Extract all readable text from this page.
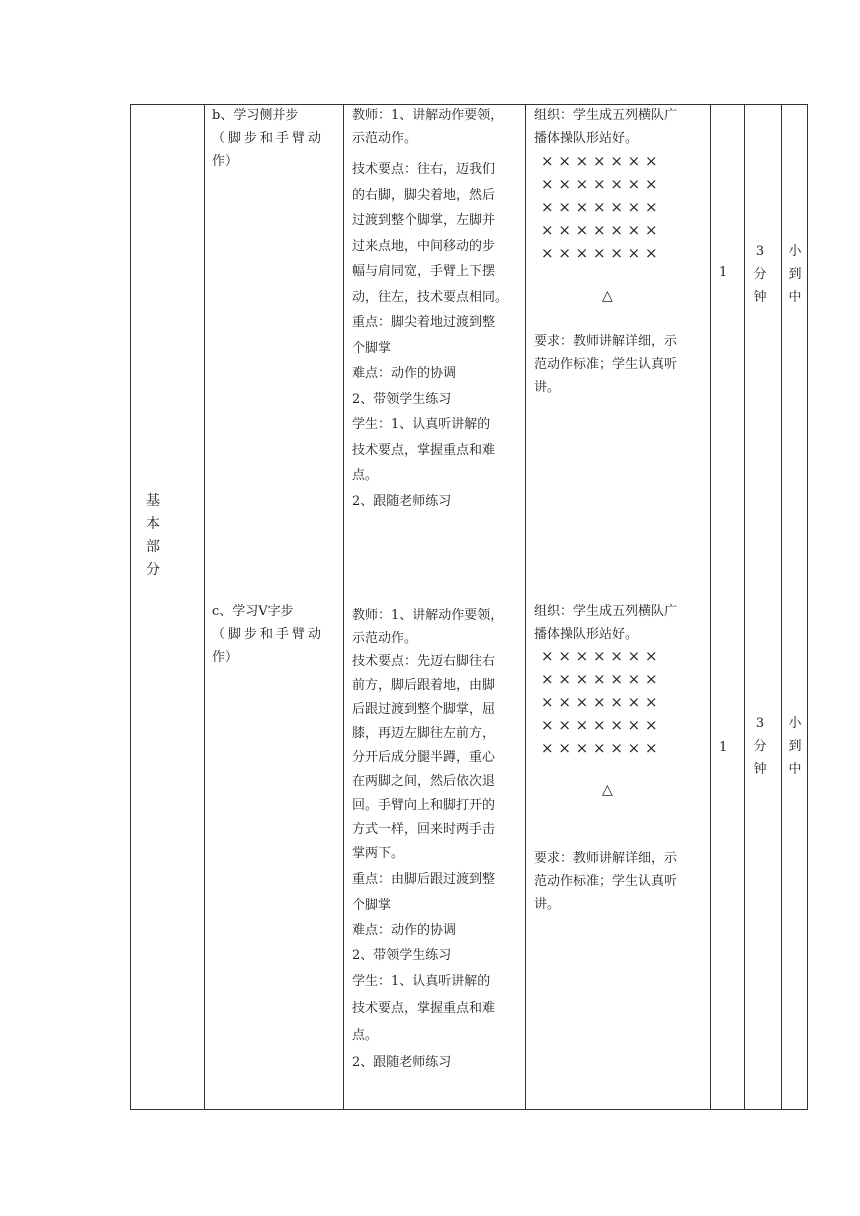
基
本
部
分

b、学习侧并步

（脚步和手臂动

作）

教师：1、讲解动作要领，

示范动作。

技术要点：往右，迈我们

的右脚，脚尖着地，然后

过渡到整个脚掌，左脚并

过来点地，中间移动的步

幅与肩同宽，手臂上下摆

动，往左，技术要点相同。

重点：脚尖着地过渡到整

个脚掌

难点：动作的协调

2、带领学生练习

学生：1、认真听讲解的

技术要点，掌握重点和难

点。

2、跟随老师练习

组织：学生成五列横队广

播体操队形站好。

× × × × × × ×
× × × × × × ×
× × × × × × ×
× × × × × × ×
× × × × × × ×
△

要求：教师讲解详细，示

范动作标准；学生认真听

讲。

1
3
分
钟
小
到
中

c、学习Ⅴ字步

（脚步和手臂动

作）

教师：1、讲解动作要领，

示范动作。

技术要点：先迈右脚往右

前方，脚后跟着地，由脚

后跟过渡到整个脚掌，屈

膝，再迈左脚往左前方，

分开后成分腿半蹲，重心

在两脚之间，然后依次退

回。手臂向上和脚打开的

方式一样，回来时两手击

掌两下。

重点：由脚后跟过渡到整

个脚掌

难点：动作的协调

2、带领学生练习

学生：1、认真听讲解的

技术要点，掌握重点和难

点。

2、跟随老师练习

组织：学生成五列横队广

播体操队形站好。

× × × × × × ×
× × × × × × ×
× × × × × × ×
× × × × × × ×
× × × × × × ×
△

要求：教师讲解详细，示

范动作标准；学生认真听

讲。

1
3
分
钟
小
到
中
